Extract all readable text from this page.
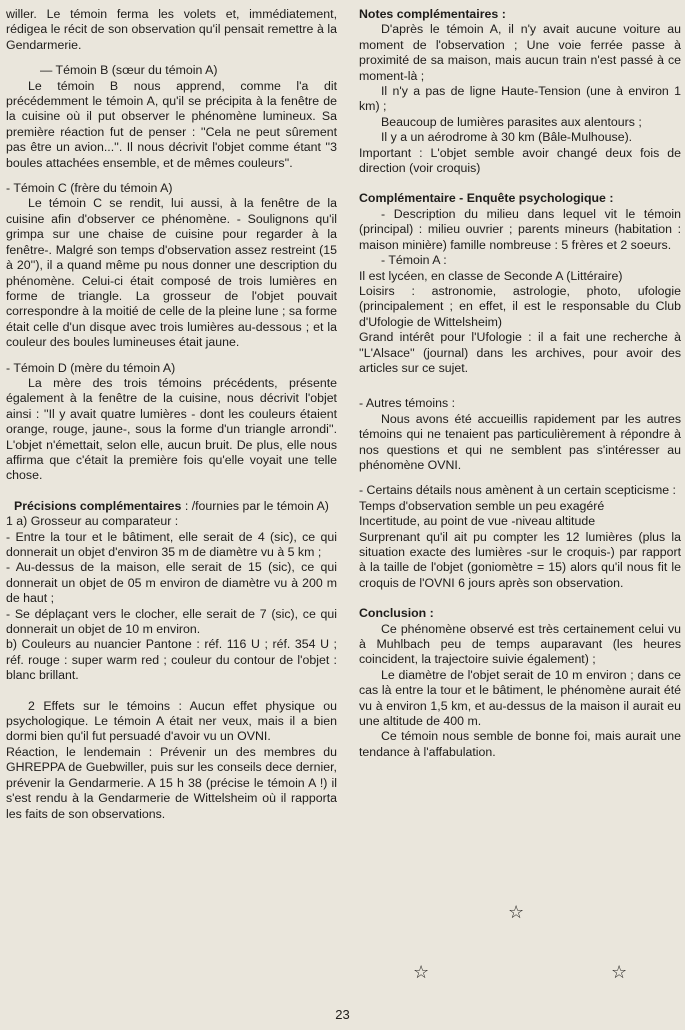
willer. Le témoin ferma les volets et, immédiatement, rédigea le récit de son observation qu'il pensait remettre à la Gendarmerie.

— Témoin B (sœur du témoin A)

Le témoin B nous apprend, comme l'a dit précédemment le témoin A, qu'il se précipita à la fenêtre de la cuisine où il put observer le phénomène lumineux. Sa première réaction fut de penser : ''Cela ne peut sûrement pas être un avion...''. Il nous décrivit l'objet comme étant ''3 boules attachées ensemble, et de mêmes couleurs''.

- Témoin C (frère du témoin A)

Le témoin C se rendit, lui aussi, à la fenêtre de la cuisine afin d'observer ce phénomène. - Soulignons qu'il grimpa sur une chaise de cuisine pour regarder à la fenêtre-. Malgré son temps d'observation assez restreint (15 à 20''), il a quand même pu nous donner une description du phénomène. Celui-ci était composé de trois lumières en forme de triangle. La grosseur de l'objet pouvait correspondre à la moitié de celle de la pleine lune ; sa forme était celle d'un disque avec trois lumières au-dessous ; et la couleur des boules lumineuses était jaune.

- Témoin D (mère du témoin A)

La mère des trois témoins précédents, présente également à la fenêtre de la cuisine, nous décrivit l'objet ainsi : ''Il y avait quatre lumières - dont les couleurs étaient orange, rouge, jaune-, sous la forme d'un triangle arrondi''. L'objet n'émettait, selon elle, aucun bruit. De plus, elle nous affirma que c'était la première fois qu'elle voyait une telle chose.

Précisions complémentaires : /fournies par le témoin A)

1 a) Grosseur au comparateur :

- Entre la tour et le bâtiment, elle serait de 4 (sic), ce qui donnerait un objet d'environ 35 m de diamètre vu à 5 km ;

- Au-dessus de la maison, elle serait de 15 (sic), ce qui donnerait un objet de 05 m environ de diamètre vu à 200 m de haut ;

- Se déplaçant vers le clocher, elle serait de 7 (sic), ce qui donnerait un objet de 10 m environ.

b) Couleurs au nuancier Pantone : réf. 116 U ; réf. 354 U ; réf. rouge : super warm red ; couleur du contour de l'objet : blanc brillant.

2 Effets sur le témoins : Aucun effet physique ou psychologique. Le témoin A était ner veux, mais il a bien dormi bien qu'il fut persuadé d'avoir vu un OVNI.

Réaction, le lendemain : Prévenir un des membres du GHREPPA de Guebwiller, puis sur les conseils dece dernier, prévenir la Gendarmerie. A 15 h 38 (précise le témoin A !) il s'est rendu à la Gendarmerie de Wittelsheim où il rapporta les faits de son observations.

Notes complémentaires :

D'après le témoin A, il n'y avait aucune voiture au moment de l'observation ; Une voie ferrée passe à proximité de sa maison, mais aucun train n'est passé à ce moment-là ;

Il n'y a pas de ligne Haute-Tension (une à environ 1 km) ;

Beaucoup de lumières parasites aux alentours ;

Il y a un aérodrome à 30 km (Bâle-Mulhouse).

Important : L'objet semble avoir changé deux fois de direction (voir croquis)

Complémentaire - Enquête psychologique :

- Description du milieu dans lequel vit le témoin (principal) : milieu ouvrier ; parents mineurs (habitation : maison minière) famille nombreuse : 5 frères et 2 soeurs.

- Témoin A :

Il est lycéen, en classe de Seconde A (Littéraire)

Loisirs : astronomie, astrologie, photo, ufologie (principalement ; en effet, il est le responsable du Club d'Ufologie de Wittelsheim)

Grand intérêt pour l'Ufologie : il a fait une recherche à ''L'Alsace'' (journal) dans les archives, pour avoir des articles sur ce sujet.

- Autres témoins :

Nous avons été accueillis rapidement par les autres témoins qui ne tenaient pas particulièrement à répondre à nos questions et qui ne semblent pas s'intéresser au phénomène OVNI.

- Certains détails nous amènent à un certain scepticisme :

Temps d'observation semble un peu exagéré

Incertitude, au point de vue -niveau altitude

Surprenant qu'il ait pu compter les 12 lumières (plus la situation exacte des lumières -sur le croquis-) par rapport à la taille de l'objet (goniomètre = 15) alors qu'il nous fit le croquis de l'OVNI 6 jours après son observation.

Conclusion :

Ce phénomène observé est très certainement celui vu à Muhlbach peu de temps auparavant (les heures coincident, la trajectoire suivie également) ;

Le diamètre de l'objet serait de 10 m environ ; dans ce cas là entre la tour et le bâtiment, le phénomène aurait été vu à environ 1,5 km, et au-dessus de la maison il aurait eu une altitude de 400 m.

Ce témoin nous semble de bonne foi, mais aurait une tendance à l'affabulation.

☆
☆	☆
23
